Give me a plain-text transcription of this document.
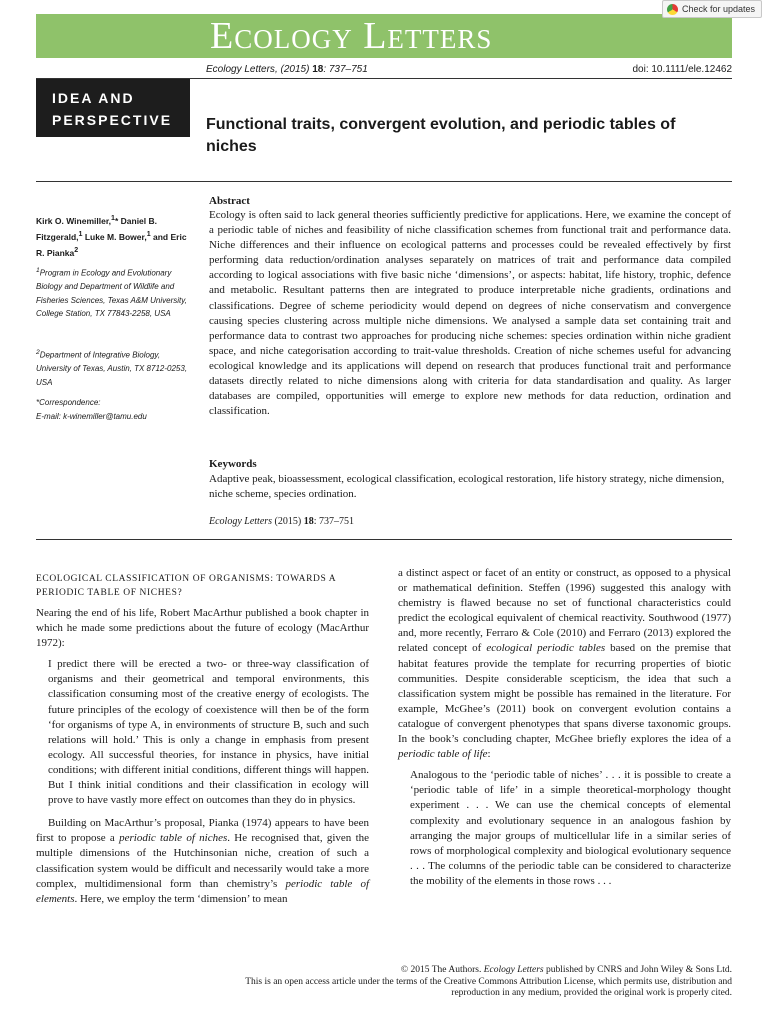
Ecology Letters
Check for updates
Ecology Letters, (2015) 18: 737–751	doi: 10.1111/ele.12462
IDEA AND
PERSPECTIVE	Functional traits, convergent evolution, and periodic tables of niches
Kirk O. Winemiller,$^1$* Daniel B. Fitzgerald,$^1$ Luke M. Bower,$^1$ and Eric R. Pianka$^2$
$^1$Program in Ecology and Evolutionary Biology and Department of Wildlife and Fisheries Sciences, Texas A&M University, College Station, TX 77843-2258, USA
$^2$Department of Integrative Biology, University of Texas, Austin, TX 8712-0253, USA
*Correspondence:
E-mail: k-winemiller@tamu.edu
Abstract
Ecology is often said to lack general theories sufficiently predictive for applications. Here, we examine the concept of a periodic table of niches and feasibility of niche classification schemes from functional trait and performance data. Niche differences and their influence on ecological patterns and processes could be revealed effectively by first performing data reduction/ordination analyses separately on matrices of trait and performance data compiled according to logical associations with five basic niche ‘dimensions’, or aspects: habitat, life history, trophic, defence and metabolic. Resultant patterns then are integrated to produce interpretable niche gradients, ordinations and classifications. Degree of scheme periodicity would depend on degrees of niche conservatism and convergence causing species clustering across multiple niche dimensions. We analysed a sample data set containing trait and performance data to contrast two approaches for producing niche schemes: species ordination within niche gradient space, and niche categorisation according to trait-value thresholds. Creation of niche schemes useful for advancing ecological knowledge and its applications will depend on research that produces functional trait and performance datasets directly related to niche dimensions along with criteria for data standardisation and quality. As larger databases are compiled, opportunities will emerge to explore new methods for data reduction, ordination and classification.
Keywords
Adaptive peak, bioassessment, ecological classification, ecological restoration, life history strategy, niche dimension, niche scheme, species ordination.
Ecology Letters (2015) 18: 737–751
ECOLOGICAL CLASSIFICATION OF ORGANISMS: TOWARDS A PERIODIC TABLE OF NICHES?
Nearing the end of his life, Robert MacArthur published a book chapter in which he made some predictions about the future of ecology (MacArthur 1972):
I predict there will be erected a two- or three-way classification of organisms and their geometrical and temporal environments, this classification consuming most of the creative energy of ecologists. The future principles of the ecology of coexistence will then be of the form ‘for organisms of type A, in environments of structure B, such and such relations will hold.’ This is only a change in emphasis from present ecology. All successful theories, for instance in physics, have initial conditions; with different initial conditions, different things will happen. But I think initial conditions and their classification in ecology will prove to have vastly more effect on outcomes than they do in physics.
Building on MacArthur’s proposal, Pianka (1974) appears to have been first to propose a periodic table of niches. He recognised that, given the multiple dimensions of the Hutchinsonian niche, creation of such a classification system would be difficult and necessarily would take a more complex, multidimensional form than chemistry’s periodic table of elements. Here, we employ the term ‘dimension’ to mean
a distinct aspect or facet of an entity or construct, as opposed to a physical or mathematical definition. Steffen (1996) suggested this analogy with chemistry is flawed because no set of functional characteristics could predict the ecological equivalent of chemical reactivity. Southwood (1977) and, more recently, Ferraro & Cole (2010) and Ferraro (2013) explored the related concept of ecological periodic tables based on the premise that habitat features provide the template for recurring properties of biotic communities. Despite considerable scepticism, the idea that such a classification system might be possible has remained in the literature. For example, McGhee’s (2011) book on convergent evolution contains a catalogue of convergent phenotypes that spans diverse taxonomic groups. In the book’s concluding chapter, McGhee briefly explores the idea of a periodic table of life:
Analogous to the ‘periodic table of niches’ . . . it is possible to create a ‘periodic table of life’ in a simple theoretical-morphology thought experiment . . . We can use the chemical concepts of elemental complexity and evolutionary sequence in an analogous fashion by arranging the major groups of multicellular life in a similar series of rows of morphological complexity and biological evolutionary sequence . . . The columns of the periodic table can be considered to characterize the mobility of the elements in those rows . . .
© 2015 The Authors. Ecology Letters published by CNRS and John Wiley & Sons Ltd.
This is an open access article under the terms of the Creative Commons Attribution License, which permits use, distribution and reproduction in any medium, provided the original work is properly cited.
